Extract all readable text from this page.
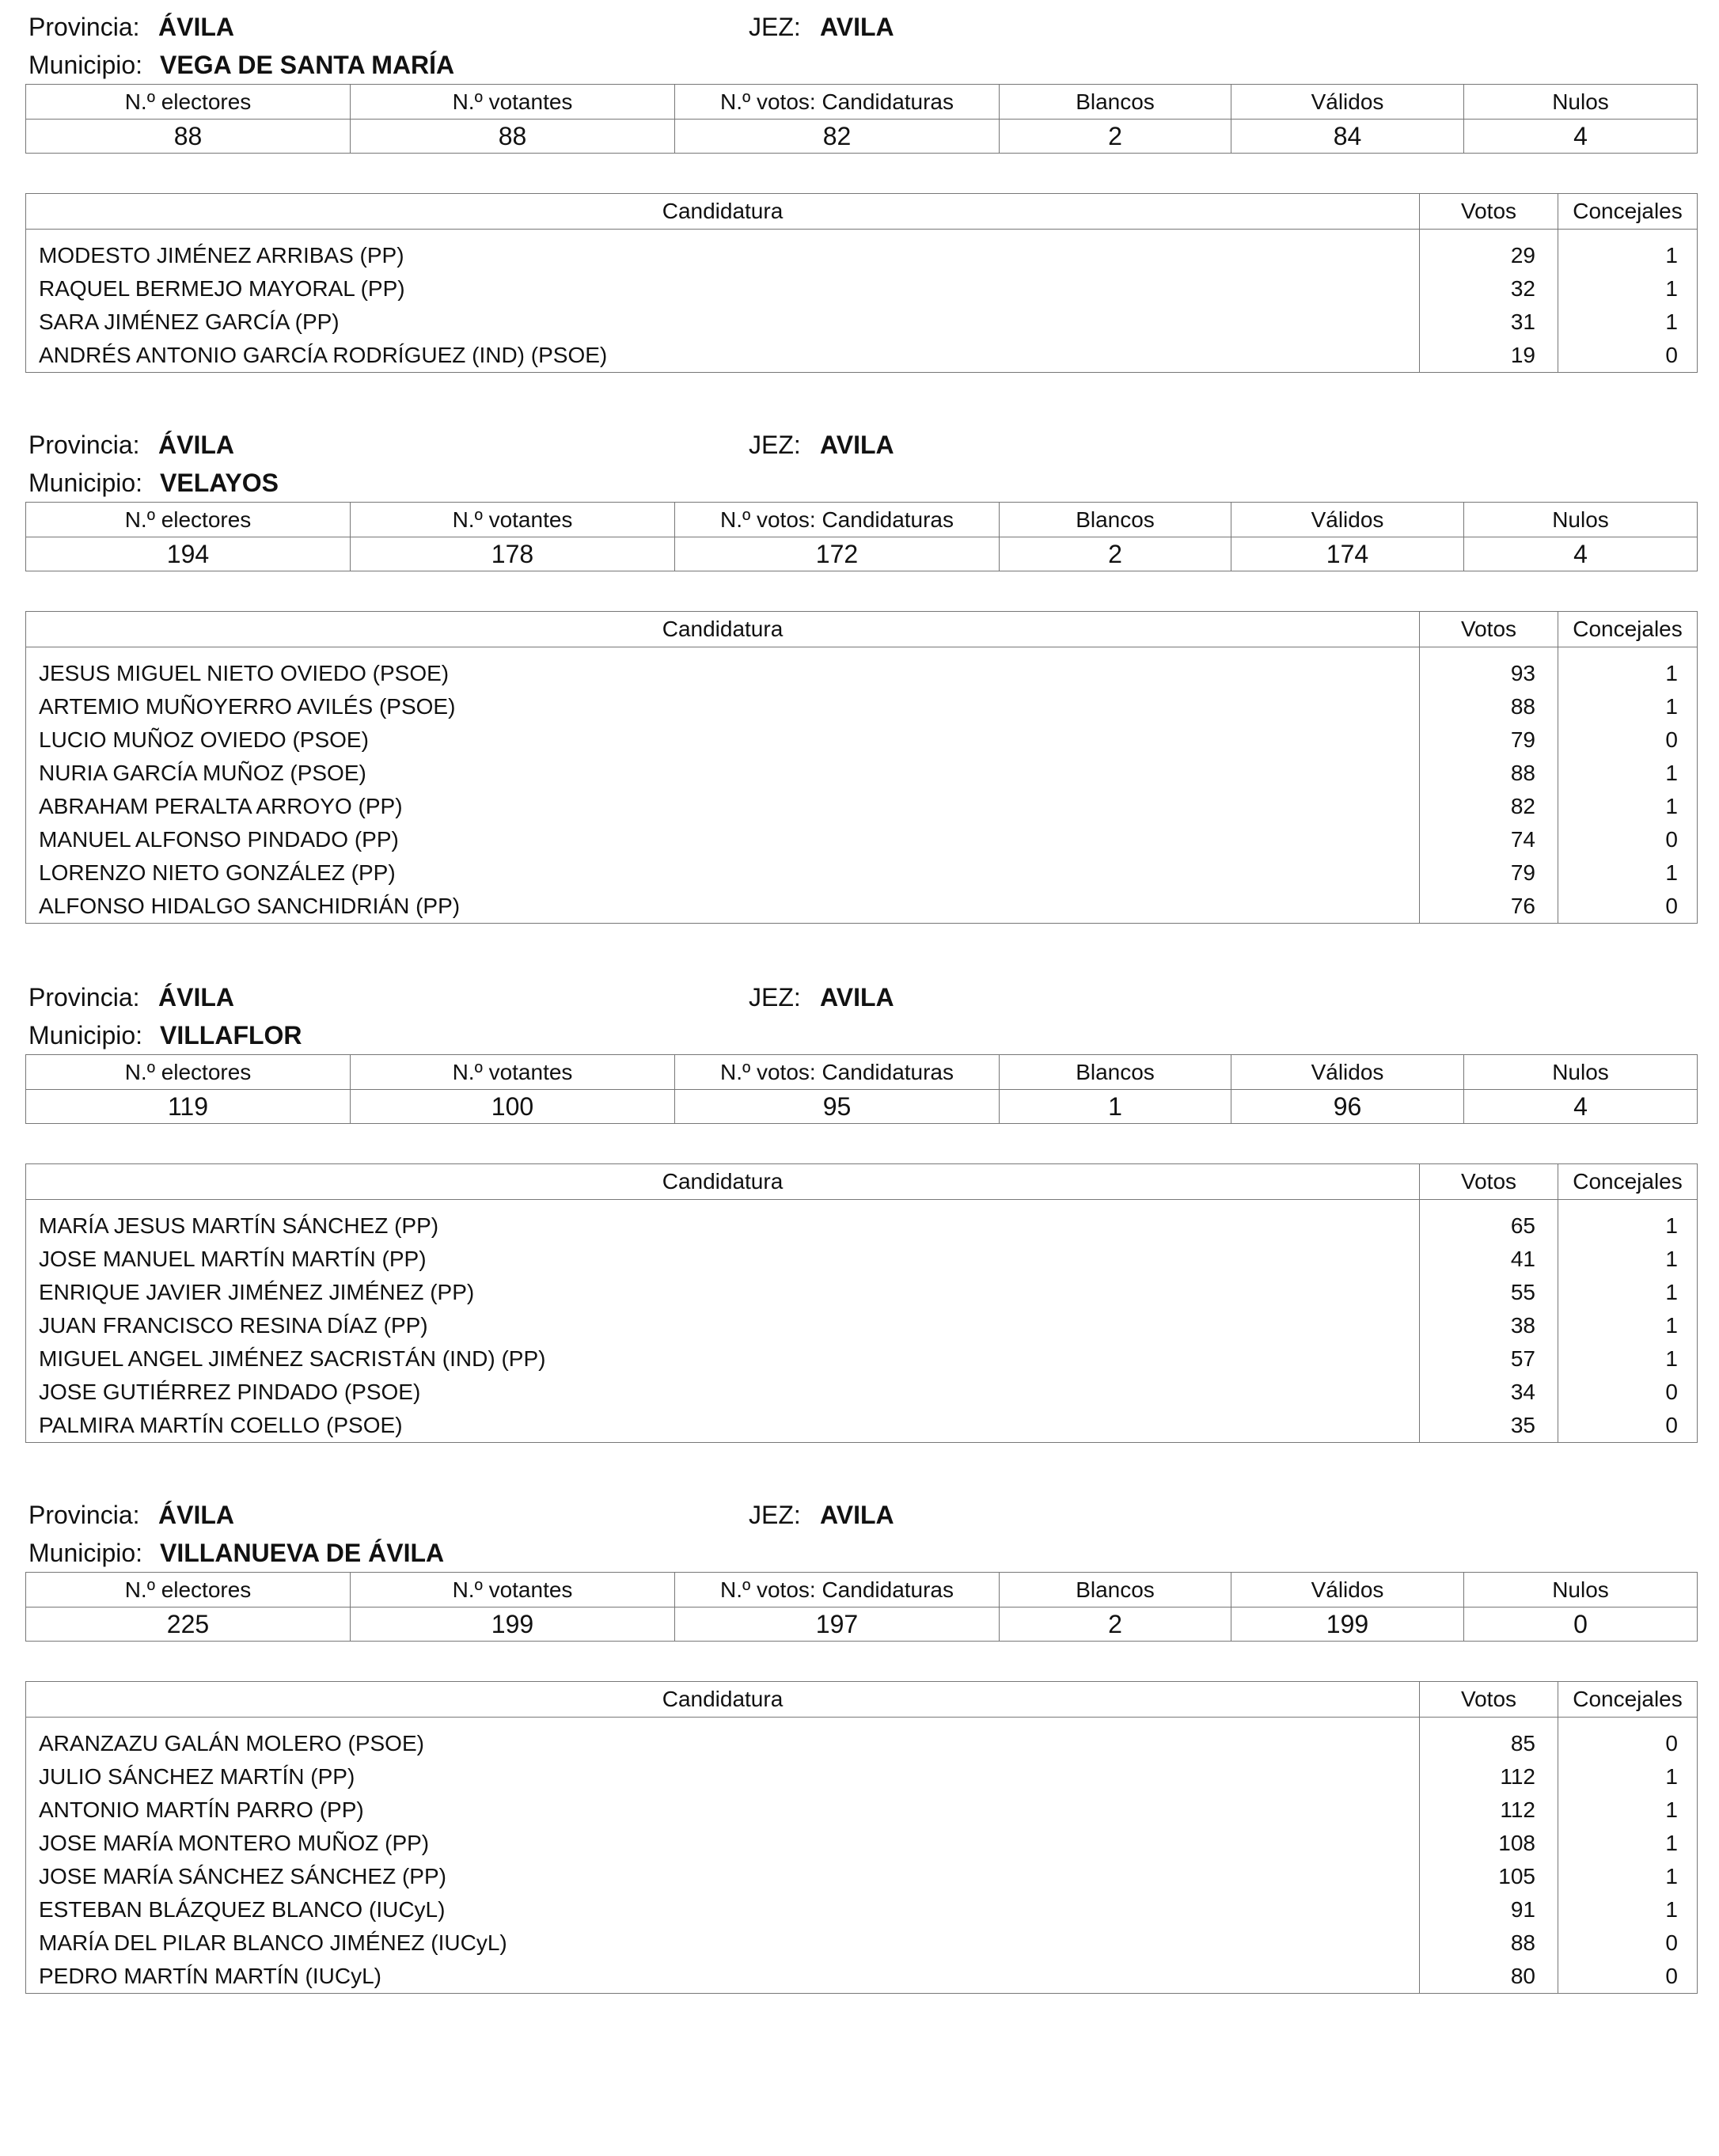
Provincia: ÁVILA	JEZ: AVILA
Municipio: VEGA DE SANTA MARÍA
N.º electores	N.º votantes	N.º votos: Candidaturas	Blancos	Válidos	Nulos
88	88	82	2	84	4
Candidatura	Votos	Concejales

MODESTO JIMÉNEZ ARRIBAS (PP)	29	1
RAQUEL BERMEJO MAYORAL (PP)	32	1
SARA JIMÉNEZ GARCÍA (PP)	31	1
ANDRÉS ANTONIO GARCÍA RODRÍGUEZ (IND) (PSOE)	19	0
Provincia: ÁVILA	JEZ: AVILA
Municipio: VELAYOS
N.º electores	N.º votantes	N.º votos: Candidaturas	Blancos	Válidos	Nulos
194	178	172	2	174	4
Candidatura	Votos	Concejales

JESUS MIGUEL NIETO OVIEDO (PSOE)	93	1
ARTEMIO MUÑOYERRO AVILÉS (PSOE)	88	1
LUCIO MUÑOZ OVIEDO (PSOE)	79	0
NURIA GARCÍA MUÑOZ (PSOE)	88	1
ABRAHAM PERALTA ARROYO (PP)	82	1
MANUEL ALFONSO PINDADO (PP)	74	0
LORENZO NIETO GONZÁLEZ (PP)	79	1
ALFONSO HIDALGO SANCHIDRIÁN (PP)	76	0
Provincia: ÁVILA	JEZ: AVILA
Municipio: VILLAFLOR
N.º electores	N.º votantes	N.º votos: Candidaturas	Blancos	Válidos	Nulos
119	100	95	1	96	4
Candidatura	Votos	Concejales

MARÍA JESUS MARTÍN SÁNCHEZ (PP)	65	1
JOSE MANUEL MARTÍN MARTÍN (PP)	41	1
ENRIQUE JAVIER JIMÉNEZ JIMÉNEZ (PP)	55	1
JUAN FRANCISCO RESINA DÍAZ (PP)	38	1
MIGUEL ANGEL JIMÉNEZ SACRISTÁN (IND) (PP)	57	1
JOSE GUTIÉRREZ PINDADO (PSOE)	34	0
PALMIRA MARTÍN COELLO (PSOE)	35	0
Provincia: ÁVILA	JEZ: AVILA
Municipio: VILLANUEVA DE ÁVILA
N.º electores	N.º votantes	N.º votos: Candidaturas	Blancos	Válidos	Nulos
225	199	197	2	199	0
Candidatura	Votos	Concejales

ARANZAZU GALÁN MOLERO (PSOE)	85	0
JULIO SÁNCHEZ MARTÍN (PP)	112	1
ANTONIO MARTÍN PARRO (PP)	112	1
JOSE MARÍA MONTERO MUÑOZ (PP)	108	1
JOSE MARÍA SÁNCHEZ SÁNCHEZ (PP)	105	1
ESTEBAN BLÁZQUEZ BLANCO (IUCyL)	91	1
MARÍA DEL PILAR BLANCO JIMÉNEZ (IUCyL)	88	0
PEDRO MARTÍN MARTÍN (IUCyL)	80	0
